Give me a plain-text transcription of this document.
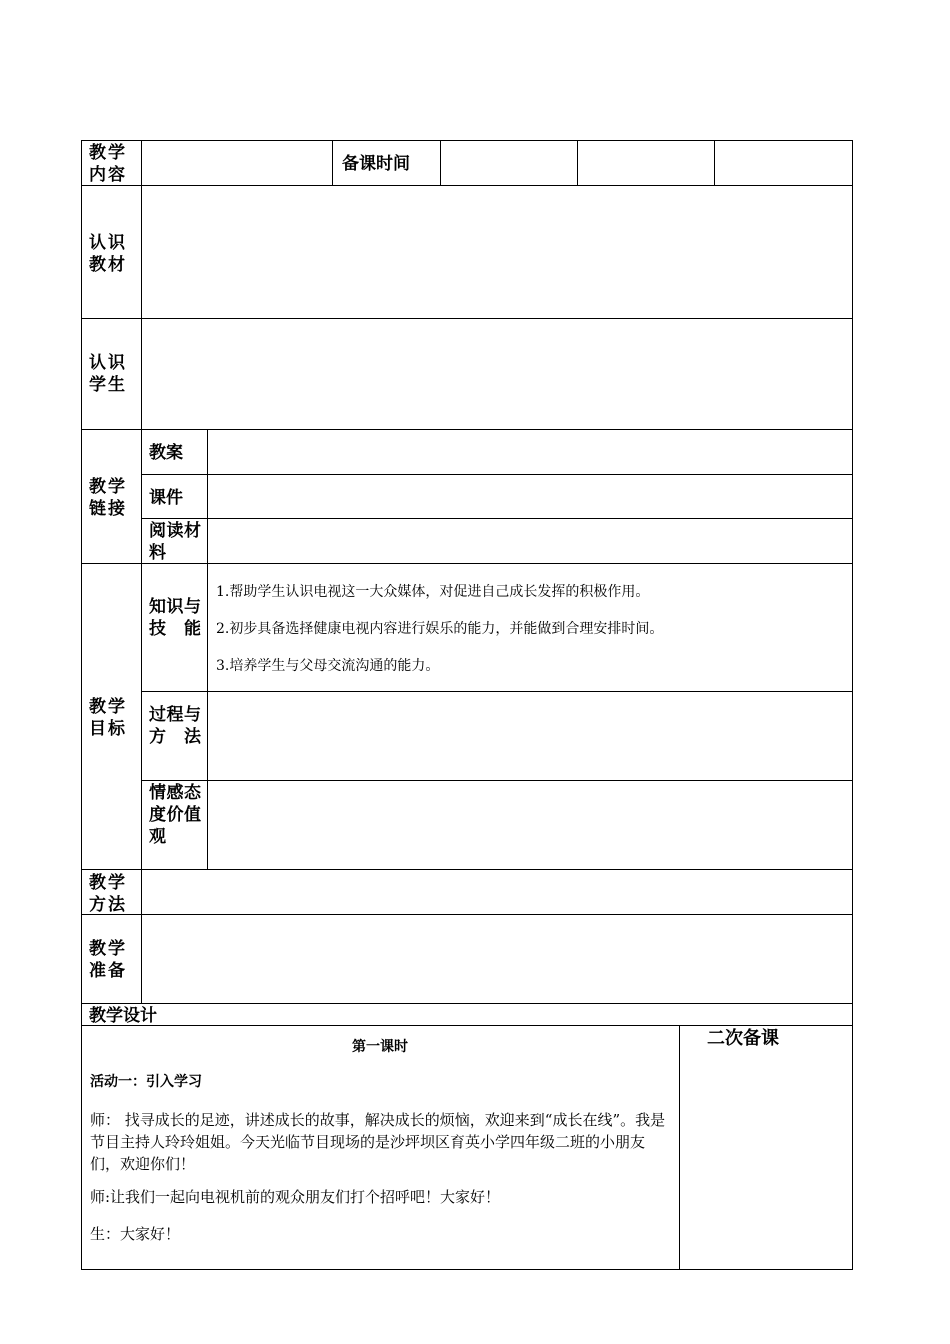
教学内容
备课时间
认识教材
认识学生
教学链接
教学目标
教学方法
教学准备
教案
课件
阅读材料
知识与技能
1.帮助学生认识电视这一大众媒体，对促进自己成长发挥的积极作用。
2.初步具备选择健康电视内容进行娱乐的能力，并能做到合理安排时间。
3.培养学生与父母交流沟通的能力。
过程与方法
情感态度价值观
教学设计
第一课时
活动一：引入学习
师： 找寻成长的足迹，讲述成长的故事，解决成长的烦恼，欢迎来到“成长在线”。我是节目主持人玲玲姐姐。今天光临节目现场的是沙坪坝区育英小学四年级二班的小朋友们，欢迎你们！
师:让我们一起向电视机前的观众朋友们打个招呼吧！大家好！
生：大家好！
二次备课
